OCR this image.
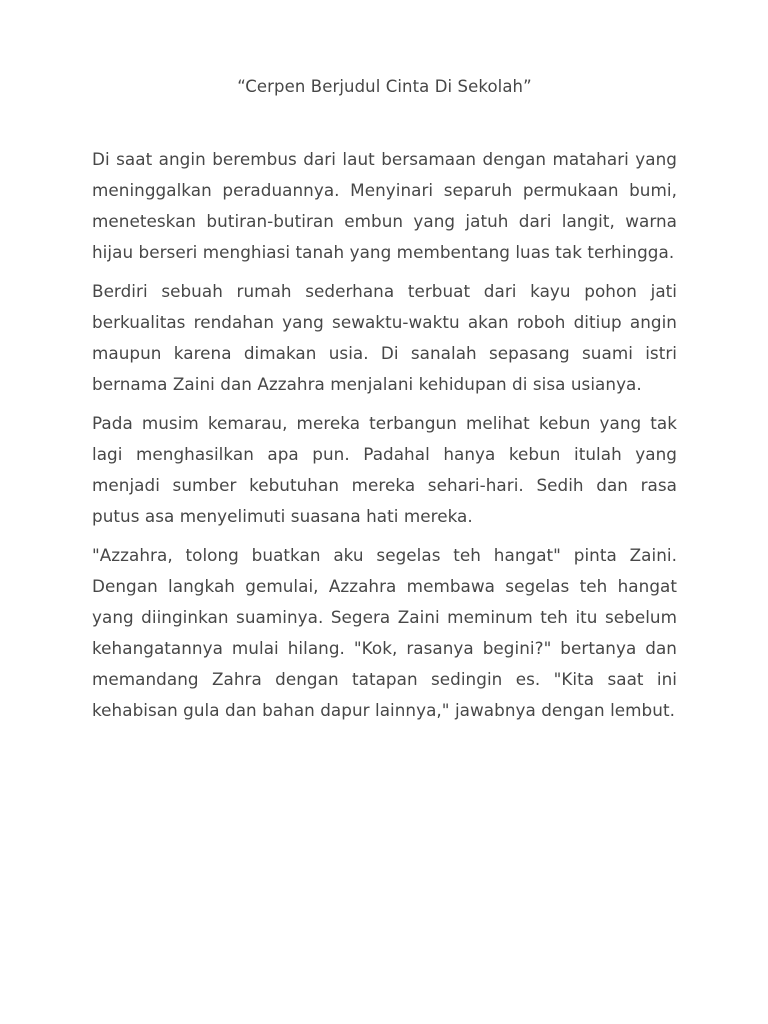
“Cerpen Berjudul Cinta Di Sekolah”

Di saat angin berembus dari laut bersamaan dengan matahari yang meninggalkan peraduannya. Menyinari separuh permukaan bumi, meneteskan butiran-butiran embun yang jatuh dari langit, warna hijau berseri menghiasi tanah yang membentang luas tak terhingga.

Berdiri sebuah rumah sederhana terbuat dari kayu pohon jati berkualitas rendahan yang sewaktu-waktu akan roboh ditiup angin maupun karena dimakan usia. Di sanalah sepasang suami istri bernama Zaini dan Azzahra menjalani kehidupan di sisa usianya.

Pada musim kemarau, mereka terbangun melihat kebun yang tak lagi menghasilkan apa pun. Padahal hanya kebun itulah yang menjadi sumber kebutuhan mereka sehari-hari. Sedih dan rasa putus asa menyelimuti suasana hati mereka.

"Azzahra, tolong buatkan aku segelas teh hangat" pinta Zaini. Dengan langkah gemulai, Azzahra membawa segelas teh hangat yang diinginkan suaminya. Segera Zaini meminum teh itu sebelum kehangatannya mulai hilang. "Kok, rasanya begini?" bertanya dan memandang Zahra dengan tatapan sedingin es. "Kita saat ini kehabisan gula dan bahan dapur lainnya," jawabnya dengan lembut.
